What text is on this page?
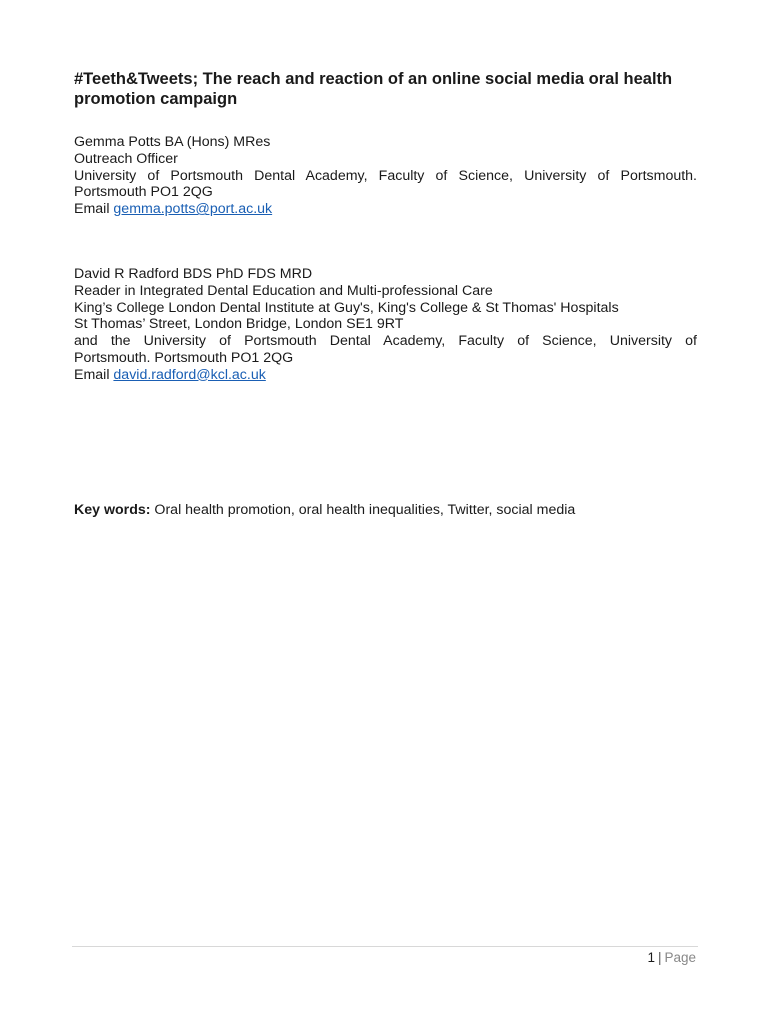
#Teeth&Tweets; The reach and reaction of an online social media oral health promotion campaign
Gemma Potts BA (Hons) MRes
Outreach Officer
University of Portsmouth Dental Academy, Faculty of Science, University of Portsmouth.
Portsmouth PO1 2QG
Email gemma.potts@port.ac.uk
David R Radford BDS PhD FDS MRD
Reader in Integrated Dental Education and Multi-professional Care
King’s College London Dental Institute at Guy's, King's College & St Thomas' Hospitals
St Thomas’ Street, London Bridge, London SE1 9RT
and the University of Portsmouth Dental Academy, Faculty of Science, University of
Portsmouth. Portsmouth PO1 2QG
Email david.radford@kcl.ac.uk
Key words: Oral health promotion, oral health inequalities, Twitter, social media
1 | Page
